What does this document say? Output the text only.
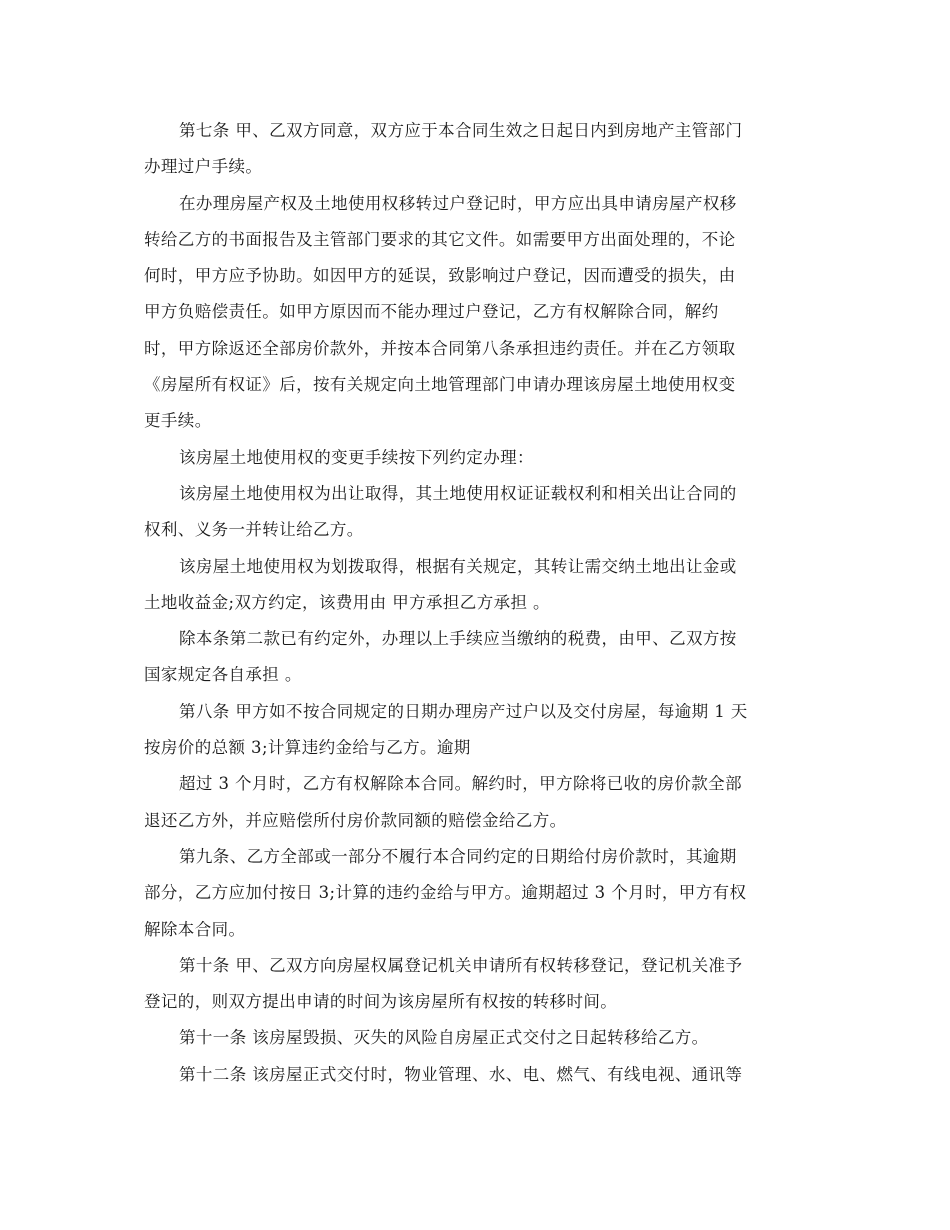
第七条 甲、乙双方同意，双方应于本合同生效之日起日内到房地产主管部门
办理过户手续。
在办理房屋产权及土地使用权移转过户登记时，甲方应出具申请房屋产权移
转给乙方的书面报告及主管部门要求的其它文件。如需要甲方出面处理的，不论
何时，甲方应予协助。如因甲方的延误，致影响过户登记，因而遭受的损失，由
甲方负赔偿责任。如甲方原因而不能办理过户登记，乙方有权解除合同，解约
时，甲方除返还全部房价款外，并按本合同第八条承担违约责任。并在乙方领取
《房屋所有权证》后，按有关规定向土地管理部门申请办理该房屋土地使用权变
更手续。
该房屋土地使用权的变更手续按下列约定办理：
该房屋土地使用权为出让取得，其土地使用权证证载权利和相关出让合同的
权利、义务一并转让给乙方。
该房屋土地使用权为划拨取得，根据有关规定，其转让需交纳土地出让金或
土地收益金;双方约定，该费用由 甲方承担乙方承担 。
除本条第二款已有约定外，办理以上手续应当缴纳的税费，由甲、乙双方按
国家规定各自承担 。
第八条 甲方如不按合同规定的日期办理房产过户以及交付房屋，每逾期 1 天
按房价的总额 3;计算违约金给与乙方。逾期
超过 3 个月时，乙方有权解除本合同。解约时，甲方除将已收的房价款全部
退还乙方外，并应赔偿所付房价款同额的赔偿金给乙方。
第九条、乙方全部或一部分不履行本合同约定的日期给付房价款时，其逾期
部分，乙方应加付按日 3;计算的违约金给与甲方。逾期超过 3 个月时，甲方有权
解除本合同。
第十条 甲、乙双方向房屋权属登记机关申请所有权转移登记，登记机关准予
登记的，则双方提出申请的时间为该房屋所有权按的转移时间。
第十一条 该房屋毁损、灭失的风险自房屋正式交付之日起转移给乙方。
第十二条 该房屋正式交付时，物业管理、水、电、燃气、有线电视、通讯等
